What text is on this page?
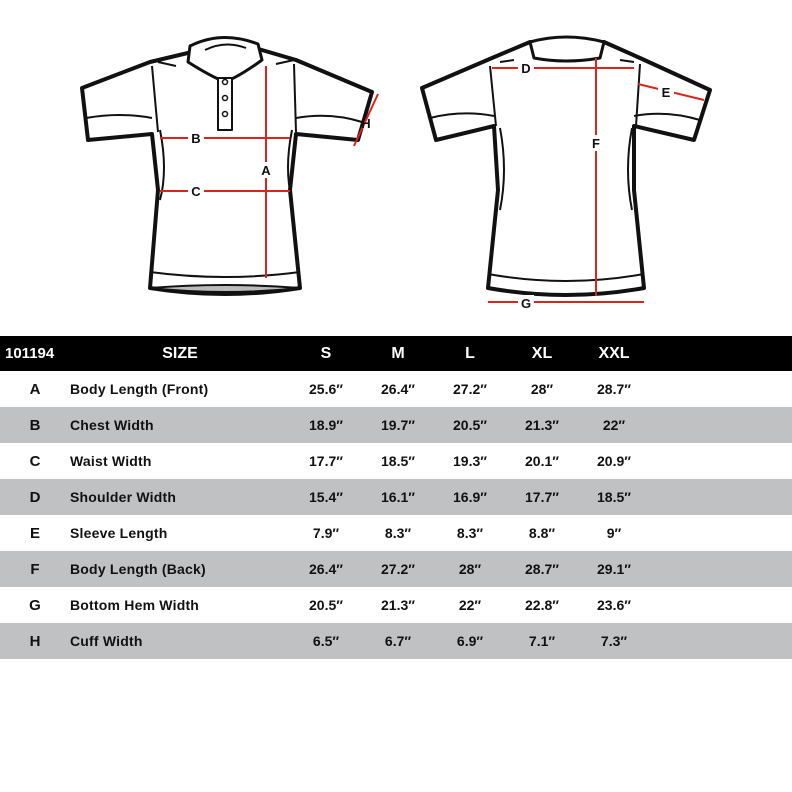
A
B
C
H
D
E
F
G
101194	SIZE	S	M	L	XL	XXL	
A	Body Length (Front)	25.6″	26.4″	27.2″	28″	28.7″	
B	Chest Width	18.9″	19.7″	20.5″	21.3″	22″	
C	Waist Width	17.7″	18.5″	19.3″	20.1″	20.9″	
D	Shoulder Width	15.4″	16.1″	16.9″	17.7″	18.5″	
E	Sleeve Length	7.9″	8.3″	8.3″	8.8″	9″	
F	Body Length (Back)	26.4″	27.2″	28″	28.7″	29.1″	
G	Bottom Hem Width	20.5″	21.3″	22″	22.8″	23.6″	
H	Cuff Width	6.5″	6.7″	6.9″	7.1″	7.3″	
